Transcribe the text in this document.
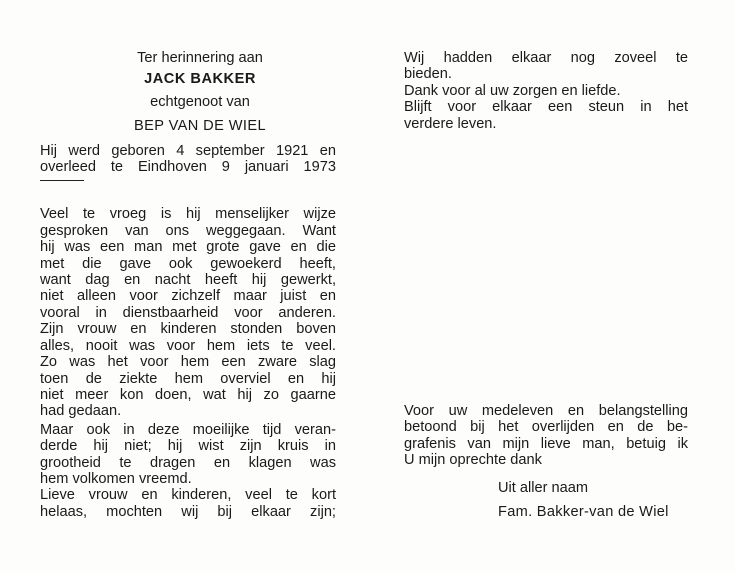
Ter herinnering aan
JACK BAKKER
echtgenoot van
BEP VAN DE WIEL
Hij werd geboren 4 september 1921 en
overleed te Eindhoven 9 januari 1973
Veel te vroeg is hij menselijker wijze
gesproken van ons weggegaan. Want
hij was een man met grote gave en die
met die gave ook gewoekerd heeft,
want dag en nacht heeft hij gewerkt,
niet alleen voor zichzelf maar juist en
vooral in dienstbaarheid voor anderen.
Zijn vrouw en kinderen stonden boven
alles, nooit was voor hem iets te veel.
Zo was het voor hem een zware slag
toen de ziekte hem overviel en hij
niet meer kon doen, wat hij zo gaarne
had gedaan.
Maar ook in deze moeilijke tijd veran-
derde hij niet; hij wist zijn kruis in
grootheid te dragen en klagen was
hem volkomen vreemd.
Lieve vrouw en kinderen, veel te kort
helaas, mochten wij bij elkaar zijn;
Wij hadden elkaar nog zoveel te
bieden.
Dank voor al uw zorgen en liefde.
Blijft voor elkaar een steun in het
verdere leven.
Voor uw medeleven en belangstelling
betoond bij het overlijden en de be-
grafenis van mijn lieve man, betuig ik
U mijn oprechte dank
Uit aller naam
Fam. Bakker-van de Wiel
